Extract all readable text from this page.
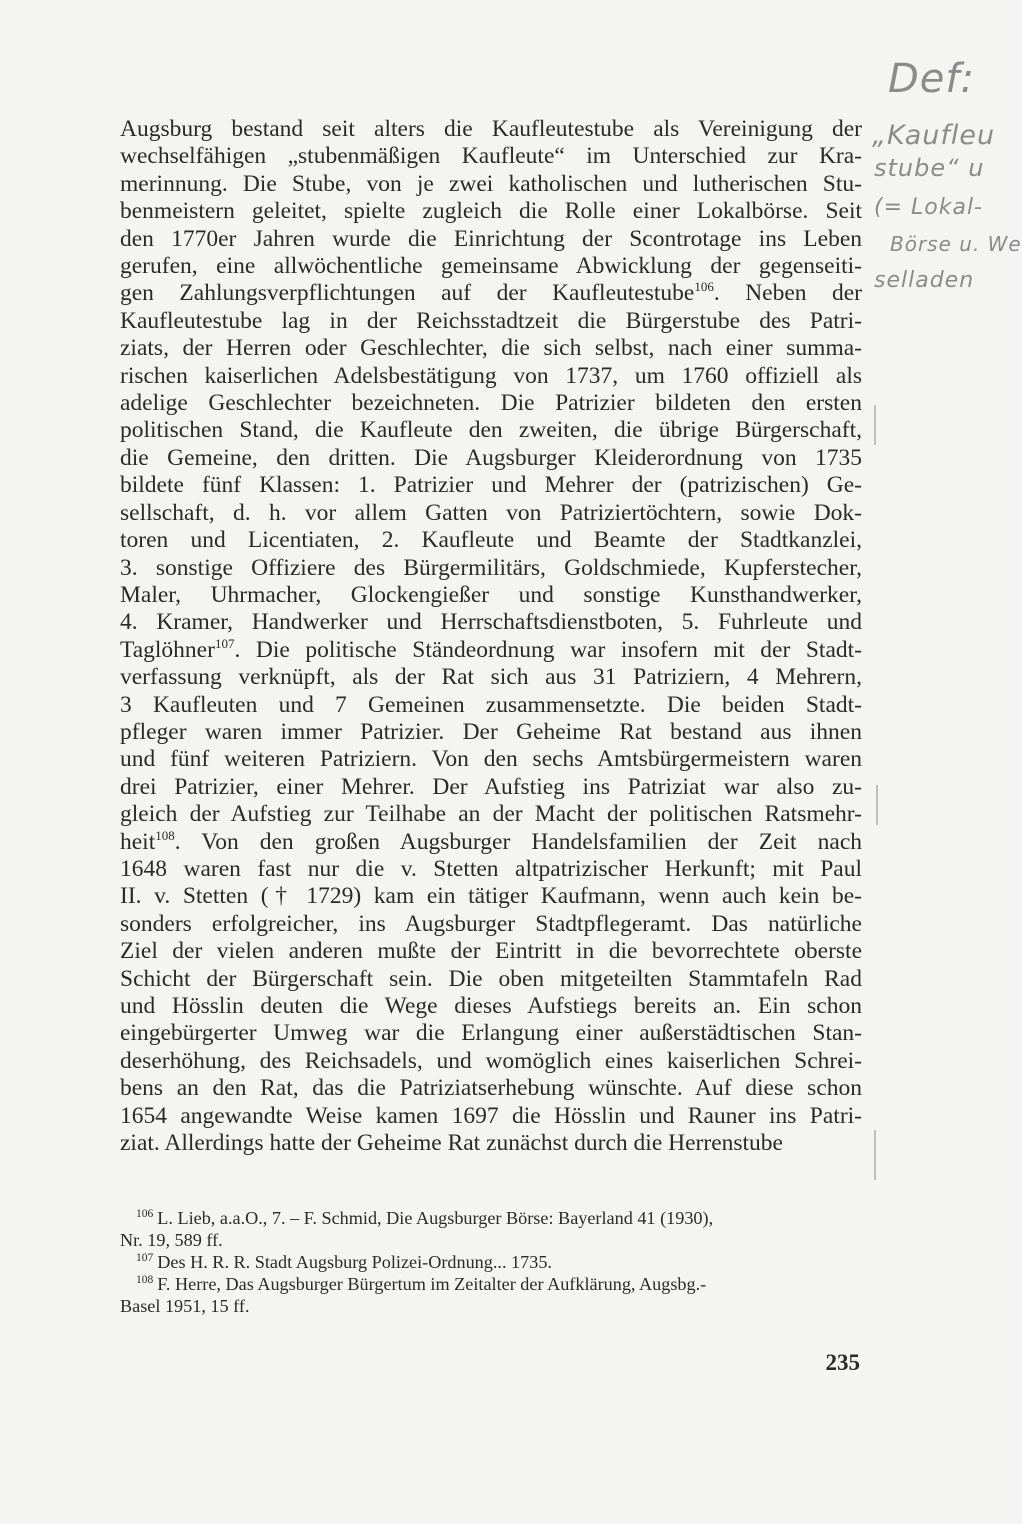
Augsburg bestand seit alters die Kaufleutestube als Vereinigung der
wechselfähigen „stubenmäßigen Kaufleute“ im Unterschied zur Kra-
merinnung. Die Stube, von je zwei katholischen und lutherischen Stu-
benmeistern geleitet, spielte zugleich die Rolle einer Lokalbörse. Seit
den 1770er Jahren wurde die Einrichtung der Scontrotage ins Leben
gerufen, eine allwöchentliche gemeinsame Abwicklung der gegenseiti-
gen Zahlungsverpflichtungen auf der Kaufleutestube$^{106}$. Neben der
Kaufleutestube lag in der Reichsstadtzeit die Bürgerstube des Patri-
ziats, der Herren oder Geschlechter, die sich selbst, nach einer summa-
rischen kaiserlichen Adelsbestätigung von 1737, um 1760 offiziell als
adelige Geschlechter bezeichneten. Die Patrizier bildeten den ersten
politischen Stand, die Kaufleute den zweiten, die übrige Bürgerschaft,
die Gemeine, den dritten. Die Augsburger Kleiderordnung von 1735
bildete fünf Klassen: 1. Patrizier und Mehrer der (patrizischen) Ge-
sellschaft, d. h. vor allem Gatten von Patriziertöchtern, sowie Dok-
toren und Licentiaten, 2. Kaufleute und Beamte der Stadtkanzlei,
3. sonstige Offiziere des Bürgermilitärs, Goldschmiede, Kupferstecher,
Maler, Uhrmacher, Glockengießer und sonstige Kunsthandwerker,
4. Kramer, Handwerker und Herrschaftsdienstboten, 5. Fuhrleute und
Taglöhner$^{107}$. Die politische Ständeordnung war insofern mit der Stadt-
verfassung verknüpft, als der Rat sich aus 31 Patriziern, 4 Mehrern,
3 Kaufleuten und 7 Gemeinen zusammensetzte. Die beiden Stadt-
pfleger waren immer Patrizier. Der Geheime Rat bestand aus ihnen
und fünf weiteren Patriziern. Von den sechs Amtsbürgermeistern waren
drei Patrizier, einer Mehrer. Der Aufstieg ins Patriziat war also zu-
gleich der Aufstieg zur Teilhabe an der Macht der politischen Ratsmehr-
heit$^{108}$. Von den großen Augsburger Handelsfamilien der Zeit nach
1648 waren fast nur die v. Stetten altpatrizischer Herkunft; mit Paul
II. v. Stetten († 1729) kam ein tätiger Kaufmann, wenn auch kein be-
sonders erfolgreicher, ins Augsburger Stadtpflegeramt. Das natürliche
Ziel der vielen anderen mußte der Eintritt in die bevorrechtete oberste
Schicht der Bürgerschaft sein. Die oben mitgeteilten Stammtafeln Rad
und Hösslin deuten die Wege dieses Aufstiegs bereits an. Ein schon
eingebürgerter Umweg war die Erlangung einer außerstädtischen Stan-
deserhöhung, des Reichsadels, und womöglich eines kaiserlichen Schrei-
bens an den Rat, das die Patriziatserhebung wünschte. Auf diese schon
1654 angewandte Weise kamen 1697 die Hösslin und Rauner ins Patri-
ziat. Allerdings hatte der Geheime Rat zunächst durch die Herrenstube
$^{106}$ L. Lieb, a.a.O., 7. – F. Schmid, Die Augsburger Börse: Bayerland 41 (1930),
Nr. 19, 589 ff.
$^{107}$ Des H. R. R. Stadt Augsburg Polizei-Ordnung... 1735.
$^{108}$ F. Herre, Das Augsburger Bürgertum im Zeitalter der Aufklärung, Augsbg.-
Basel 1951, 15 ff.
235
Def:
„Kaufleu
stube“ u
(= Lokal-
Börse u. We
selladen
